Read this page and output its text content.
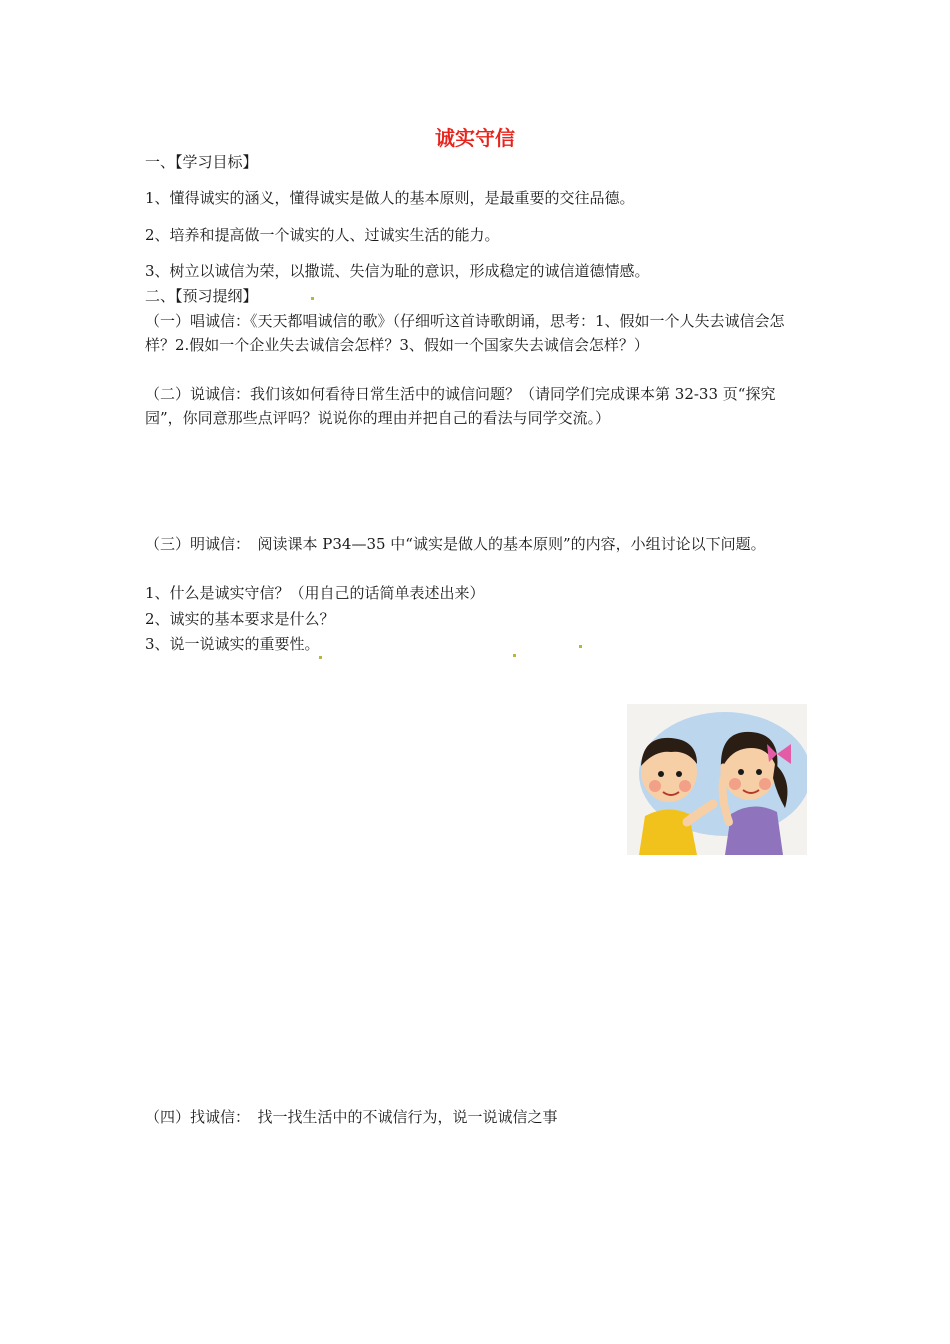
诚实守信
一、【学习目标】
1、懂得诚实的涵义，懂得诚实是做人的基本原则，是最重要的交往品德。
2、培养和提高做一个诚实的人、过诚实生活的能力。
3、树立以诚信为荣，以撒谎、失信为耻的意识，形成稳定的诚信道德情感。
二、【预习提纲】
（一）唱诚信：《天天都唱诚信的歌》（仔细听这首诗歌朗诵，思考：1、假如一个人失去诚信会怎样？2.假如一个企业失去诚信会怎样？3、假如一个国家失去诚信会怎样？）
（二）说诚信：我们该如何看待日常生活中的诚信问题？（请同学们完成课本第 32-33 页“探究园”，你同意那些点评吗？说说你的理由并把自己的看法与同学交流。）
（三）明诚信：　阅读课本 P34—35 中“诚实是做人的基本原则”的内容，小组讨论以下问题。
1、什么是诚实守信？（用自己的话简单表述出来）
2、诚实的基本要求是什么？
3、说一说诚实的重要性。
（四）找诚信：　找一找生活中的不诚信行为，说一说诚信之事
